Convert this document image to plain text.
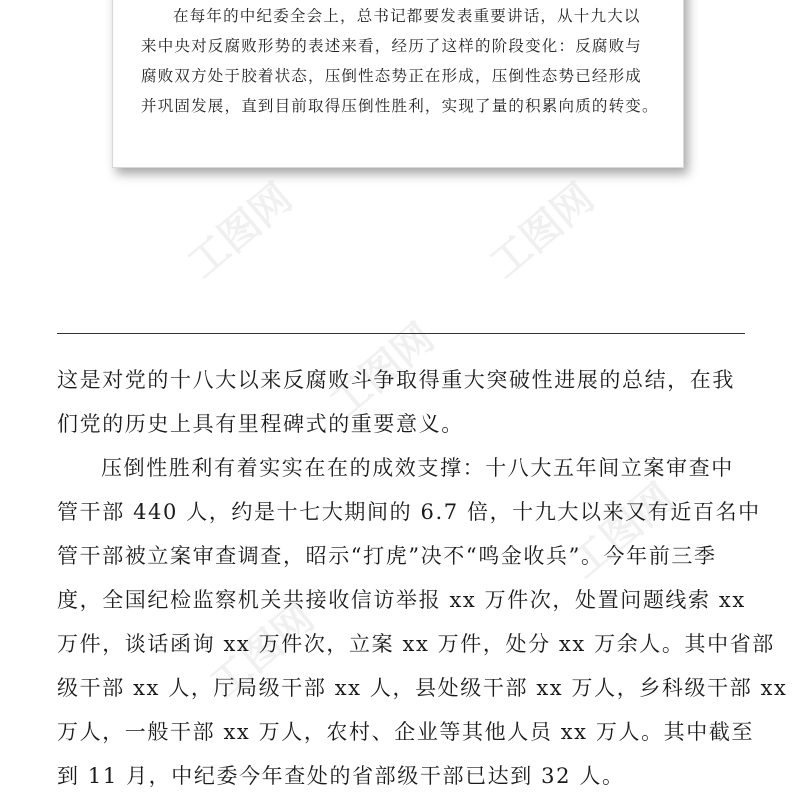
工图网	工图网
工图网
工图网
工图网
在每年的中纪委全会上，总书记都要发表重要讲话，从十九大以
来中央对反腐败形势的表述来看，经历了这样的阶段变化：反腐败与
腐败双方处于胶着状态，压倒性态势正在形成，压倒性态势已经形成
并巩固发展，直到目前取得压倒性胜利，实现了量的积累向质的转变。
这是对党的十八大以来反腐败斗争取得重大突破性进展的总结，在我
们党的历史上具有里程碑式的重要意义。
压倒性胜利有着实实在在的成效支撑：十八大五年间立案审查中
管干部 440 人，约是十七大期间的 6.7 倍，十九大以来又有近百名中
管干部被立案审查调查，昭示“打虎”决不“鸣金收兵”。今年前三季
度，全国纪检监察机关共接收信访举报 xx 万件次，处置问题线索 xx
万件，谈话函询 xx 万件次，立案 xx 万件，处分 xx 万余人。其中省部
级干部 xx 人，厅局级干部 xx 人，县处级干部 xx 万人，乡科级干部 xx
万人，一般干部 xx 万人，农村、企业等其他人员 xx 万人。其中截至
到 11 月，中纪委今年查处的省部级干部已达到 32 人。
